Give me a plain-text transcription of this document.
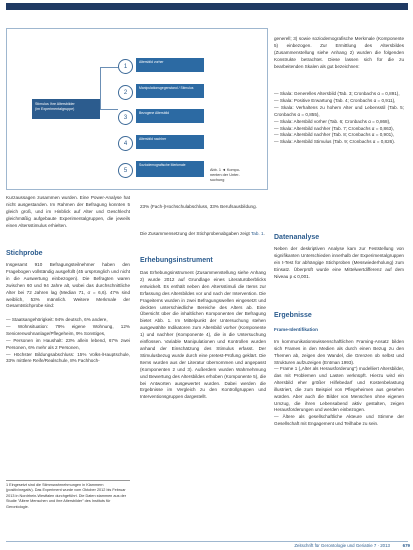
Stimulus Ihre Altersbilder
(im Experimentalgruppe)
1
Altersbild vorher
2
Manipulationsgegenstand / Stimulus
3
Bezogene Altersbild
4
Altersbild nachher
5
Soziodemografische Merkmale
Abb. 1 ◄ Kompo-
nenten der Unter-
suchung
Kurzaussagen zusammen wurden. Eine Power-Analyse hat nicht ausgestanden. Im Rahmen der Befragung konnten 5 gleich groß, und im Hinblick auf Alter und Geschlecht gleichmäßig aufgebaute Experimentalgruppen, die jeweils einen Altersstimulus erhielten.
Stichprobe
Insgesamt 910 Befragungsteilnehmer haben den Fragebogen vollständig ausgefüllt (45 ursprünglich und nicht in die Auswertung einbezogen). Die Befragten waren zwischen 60 und 94 Jahre alt, wobei das durchschnittliche Alter bei 72 Jahren lag (Median 71, σ = 6,6). 47% sind weiblich, 53% männlich. Weitere Merkmale der Gesamtstichprobe sind:

— Staatsangehörigkeit: 94% deutsch, 6% andere,

— Wohnsituation: 79% eigene Wohnung, 12% Seniorenwohnanlage/Pflegeheim, 9% Sonstiges,

— Personen im Haushalt: 23% allein lebend, 67% zwei Personen, 6% mehr als 2 Personen,

— Höchster Bildungsabschluss: 15% Volks-/Hauptschule, 33% mittlere Reife/Realschule, 8% Fachhoch-

1 Eingesetzt sind die Stimmwahrnehmungen in Klammern (positiv/negativ). Das Experiment wurde vom Oktober 2012 bis Februar 2013 in Nordrhein-Westfalen durchgeführt. Die Daten stammen aus der Studie "Ältere Menschen und ihre Altersbilder" des Instituts für Gerontologie.
23% (Fach-)Hochschulabschluss, 33% Berufsausbildung.
Die Zusammensetzung der Stichprobenabgaben zeigt Tab. 1.
Erhebungsinstrument
Das Erhebungsinstrument (Zusammenstellung siehe Anhang 2) wurde 2012 auf Grundlage eines Literaturüberblicks entwickelt. Es enthält neben den Altersstimuli die Items zur Erfassung des Altersbildes vor und nach der Intervention. Die Frageitems wurden in zwei Befragungswellen eingesetzt und deckten unterschiedliche Bereiche des Alters ab. Eine Übersicht über die inhaltlichen Komponenten der Befragung bietet Abb. 1. Im Mittelpunkt der Untersuchung stehen ausgewählte Indikatoren zum Altersbild vorher (Komponente 1) und nachher (Komponente 4), die in die Untersuchung einflossen. Variable Manipulationen und Kontrollen wurden anhand der Einschätzung des Stimulus erfasst. Der Stimulusbezug wurde durch eine pretest-Prüfung geklärt. Die Items wurden aus der Literatur übernommen und angepasst (Komponenten 2 und 3). Außerdem wurden Wahrnehmung und Bewertung des Altersbildes erhoben (Komponente 5), die bei Antworten ausgewertet wurden. Dabei werden die Ergebnisse im Vergleich zu den Kontrollgruppen und Interventionsgruppen dargestellt.
generell; 3) sowie soziodemografische Merkmale (Komponente 5) einbezogen. Zur Ermittlung des Altersbildes (Zusammenstellung siehe Anhang 2) wurden die folgenden Konstrukte betrachtet. Diese lassen sich für die zu bearbeitenden Skalen als gut bezeichnen:

— Skala: Generelles Altersbild (Tab. 3; Cronbachs α = 0,891),

— Skala: Positive Erwartung (Tab. 4; Cronbachs α = 0,911),

— Skala: Verhaltens zu hohem Alter und Lebensstil (Tab. 5; Cronbachs α = 0,855),

— Skala: Altersbild vorher (Tab. 6; Cronbachs α = 0,868),

— Skala: Altersbild nachher (Tab. 7; Cronbachs α = 0,863),

— Skala: Altersbild nachher (Tab. 8; Cronbachs α = 0,901),

— Skala: Altersbild Stimulus (Tab. 9; Cronbachs α = 0,826).

Datenanalyse
Neben der deskriptiven Analyse kam zur Feststellung von signifikanten Unterschieden innerhalb der Experimentalgruppen ein t-Test für abhängige Stichproben (Messwiederholung) zum Einsatz. Überprüft wurde eine Mittelwertdifferenz auf dem Niveau p ≤ 0,001.
Ergebnisse
Frame-Identifikation
Im kommunikationswissenschaftlichen Framing-Ansatz bilden sich Frames in den Medien als durch einen Bezug zu den Themen ab, zeigen den Wandel, die Grenzen ob selbst und Strukturen aufzuzeigen (Entman 1993).

— Frame 1 („Alter als Herausforderung") modelliert Altersbilder, das mit Problemen und Lasten verknüpft. Hierzu wird ein Altersbild eher größer Hilfebedarf und Kostenbelastung illustriert, die zum Beispiel von Pflegeheimen aus gesehen würden. Aber auch die Bilder von Menschen ohne eigenen Umzug, die ihren Lebensabend aktiv gestalten, zeigen Herausforderungen und werden einbezogen.

— Ältere als gesellschaftliche Akteure und Stimme der Gesellschaft mit Engagement und Teilhabe zu sein.

Zeitschrift für Gerontologie und Geriatrie 7 · 2013	679
